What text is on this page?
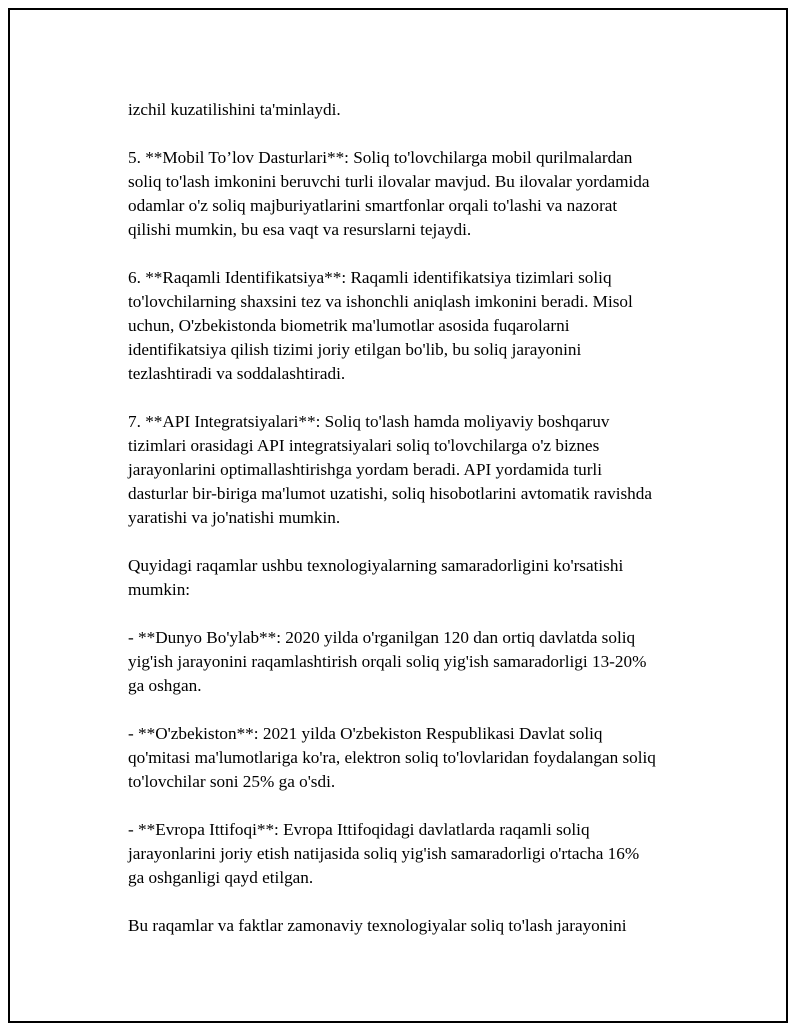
izchil kuzatilishini ta'minlaydi.

5. **Mobil To’lov Dasturlari**: Soliq to'lovchilarga mobil qurilmalardan
soliq to'lash imkonini beruvchi turli ilovalar mavjud. Bu ilovalar yordamida
odamlar o'z soliq majburiyatlarini smartfonlar orqali to'lashi va nazorat
qilishi mumkin, bu esa vaqt va resurslarni tejaydi.

6. **Raqamli Identifikatsiya**: Raqamli identifikatsiya tizimlari soliq
to'lovchilarning shaxsini tez va ishonchli aniqlash imkonini beradi. Misol
uchun, O'zbekistonda biometrik ma'lumotlar asosida fuqarolarni
identifikatsiya qilish tizimi joriy etilgan bo'lib, bu soliq jarayonini
tezlashtiradi va soddalashtiradi.

7. **API Integratsiyalari**: Soliq to'lash hamda moliyaviy boshqaruv
tizimlari orasidagi API integratsiyalari soliq to'lovchilarga o'z biznes
jarayonlarini optimallashtirishga yordam beradi. API yordamida turli
dasturlar bir-biriga ma'lumot uzatishi, soliq hisobotlarini avtomatik ravishda
yaratishi va jo'natishi mumkin.

Quyidagi raqamlar ushbu texnologiyalarning samaradorligini ko'rsatishi
mumkin:

- **Dunyo Bo'ylab**: 2020 yilda o'rganilgan 120 dan ortiq davlatda soliq
yig'ish jarayonini raqamlashtirish orqali soliq yig'ish samaradorligi 13-20%
ga oshgan.

- **O'zbekiston**: 2021 yilda O'zbekiston Respublikasi Davlat soliq
qo'mitasi ma'lumotlariga ko'ra, elektron soliq to'lovlaridan foydalangan soliq
to'lovchilar soni 25% ga o'sdi.

- **Evropa Ittifoqi**: Evropa Ittifoqidagi davlatlarda raqamli soliq
jarayonlarini joriy etish natijasida soliq yig'ish samaradorligi o'rtacha 16%
ga oshganligi qayd etilgan.

Bu raqamlar va faktlar zamonaviy texnologiyalar soliq to'lash jarayonini
